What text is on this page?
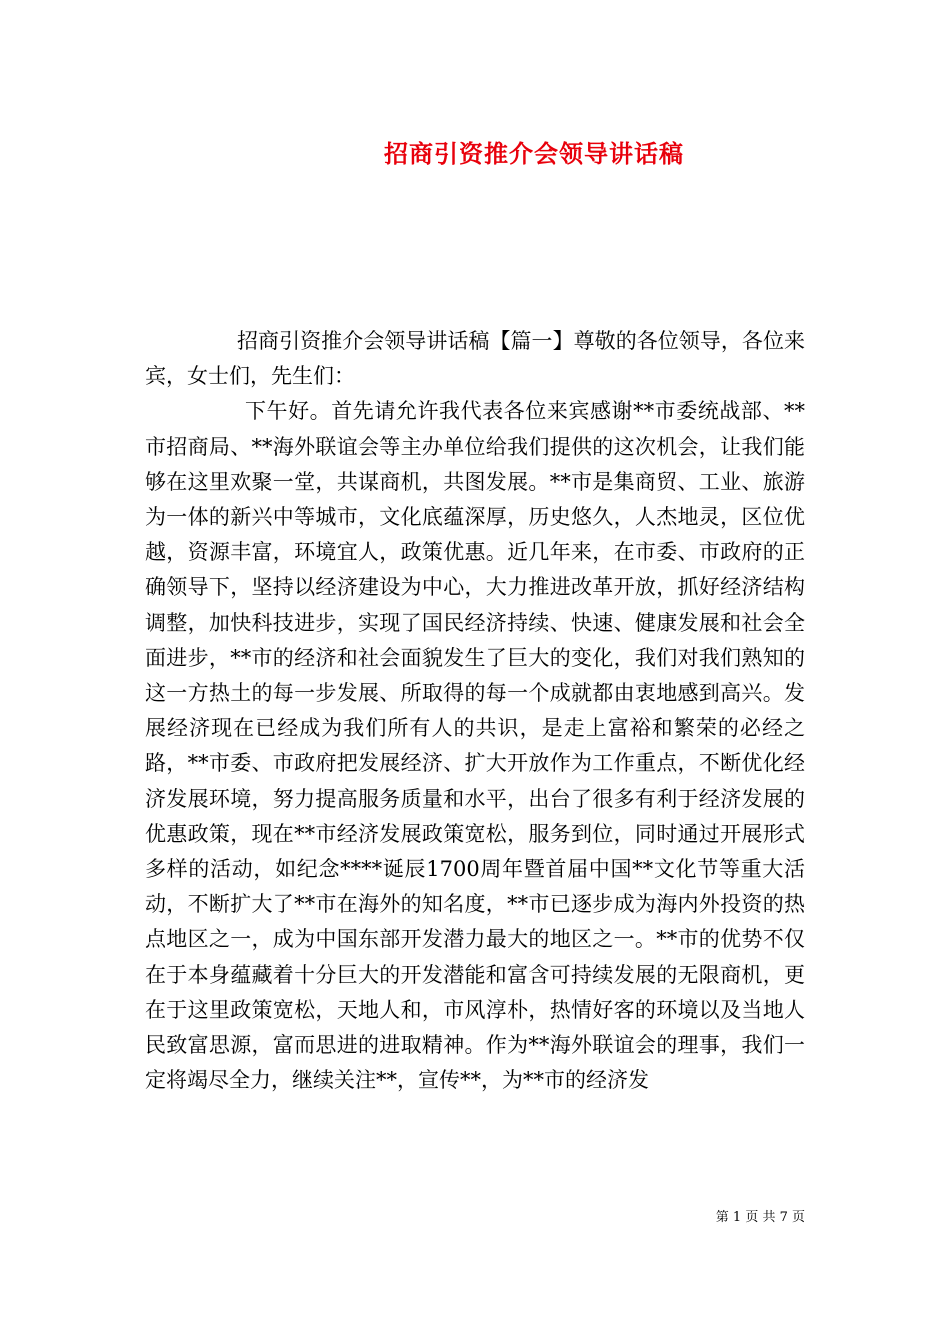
招商引资推介会领导讲话稿

招商引资推介会领导讲话稿【篇一】尊敬的各位领导，各位来宾，女士们，先生们：

下午好。首先请允许我代表各位来宾感谢**市委统战部、**市招商局、**海外联谊会等主办单位给我们提供的这次机会，让我们能够在这里欢聚一堂，共谋商机，共图发展。**市是集商贸、工业、旅游为一体的新兴中等城市，文化底蕴深厚，历史悠久，人杰地灵，区位优越，资源丰富，环境宜人，政策优惠。近几年来，在市委、市政府的正确领导下，坚持以经济建设为中心，大力推进改革开放，抓好经济结构调整，加快科技进步，实现了国民经济持续、快速、健康发展和社会全面进步，**市的经济和社会面貌发生了巨大的变化，我们对我们熟知的这一方热土的每一步发展、所取得的每一个成就都由衷地感到高兴。发展经济现在已经成为我们所有人的共识，是走上富裕和繁荣的必经之路，**市委、市政府把发展经济、扩大开放作为工作重点，不断优化经济发展环境，努力提高服务质量和水平，出台了很多有利于经济发展的优惠政策，现在**市经济发展政策宽松，服务到位，同时通过开展形式多样的活动，如纪念****诞辰1700周年暨首届中国**文化节等重大活动，不断扩大了**市在海外的知名度，**市已逐步成为海内外投资的热点地区之一，成为中国东部开发潜力最大的地区之一。**市的优势不仅在于本身蕴藏着十分巨大的开发潜能和富含可持续发展的无限商机，更在于这里政策宽松，天地人和，市风淳朴，热情好客的环境以及当地人民致富思源，富而思进的进取精神。作为**海外联谊会的理事，我们一定将竭尽全力，继续关注**，宣传**，为**市的经济发

第 1 页 共 7 页
